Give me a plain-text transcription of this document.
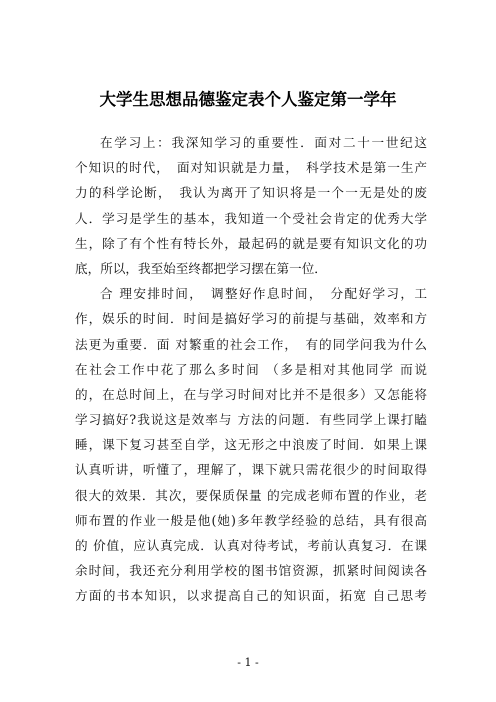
大学生思想品德鉴定表个人鉴定第一学年
在学习上：我深知学习的重要性．面对二十一世纪这
个知识的时代，　面对知识就是力量，　科学技术是第一生产
力的科学论断，　我认为离开了知识将是一个一无是处的废
人．学习是学生的基本，我知道一个受社会肯定的优秀大学
生，除了有个性有特长外，最起码的就是要有知识文化的功
底，所以，我至始至终都把学习摆在第一位．
合 理安排时间，　调整好作息时间，　分配好学习，工
作，娱乐的时间．时间是搞好学习的前提与基础，效率和方
法更为重要．面 对繁重的社会工作，　有的同学问我为什么
在社会工作中花了那么多时间 （多是相对其他同学 而说
的，在总时间上，在与学习时间对比并不是很多）又怎能将
学习搞好?我说这是效率与 方法的问题．有些同学上课打瞌
睡，课下复习甚至自学，这无形之中浪废了时间．如果上课
认真听讲，听懂了，理解了，课下就只需花很少的时间取得
很大的效果．其次，要保质保量 的完成老师布置的作业，老
师布置的作业一般是他(她)多年教学经验的总结，具有很高
的 价值，应认真完成．认真对待考试，考前认真复习．在课
余时间，我还充分利用学校的图书馆资源，抓紧时间阅读各
方面的书本知识，以求提高自己的知识面，拓宽 自己思考
- 1 -
